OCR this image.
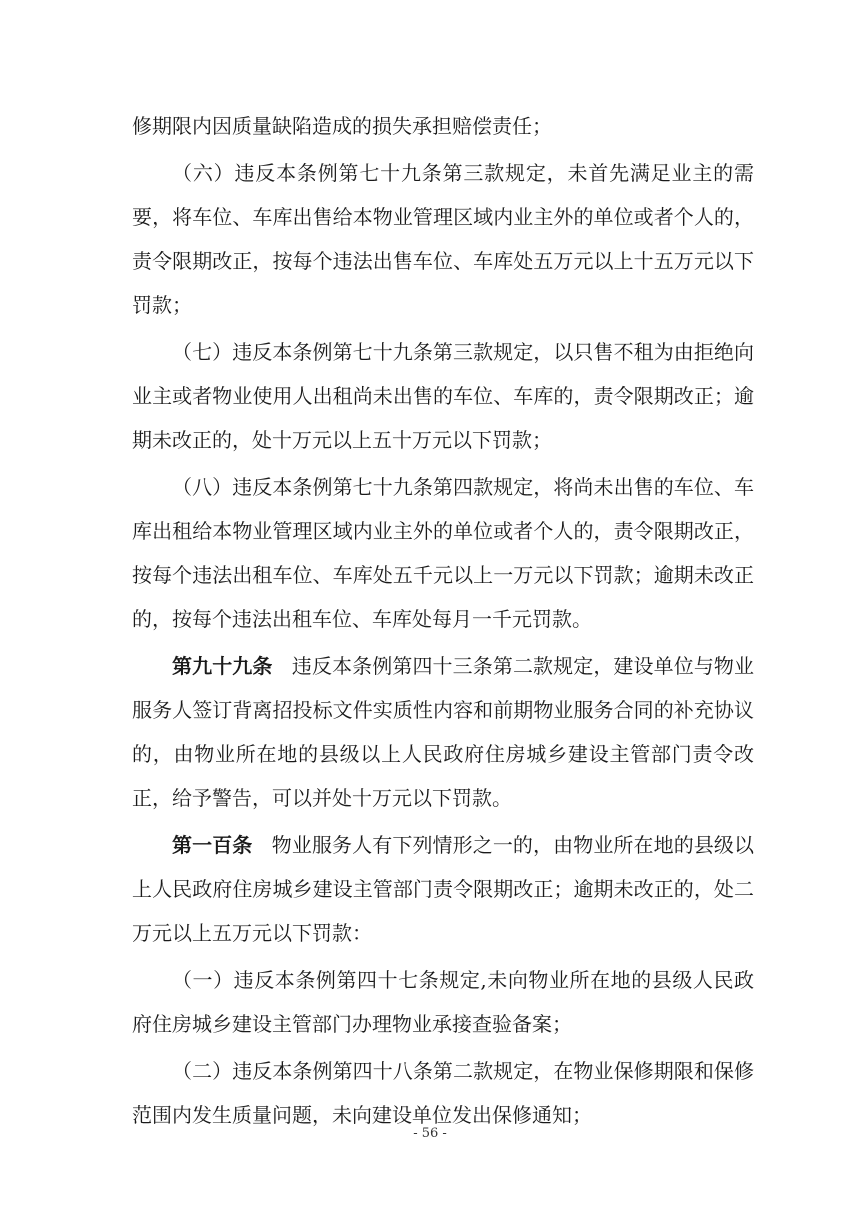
修期限内因质量缺陷造成的损失承担赔偿责任；

（六）违反本条例第七十九条第三款规定，未首先满足业主的需要，将车位、车库出售给本物业管理区域内业主外的单位或者个人的，责令限期改正，按每个违法出售车位、车库处五万元以上十五万元以下罚款；

（七）违反本条例第七十九条第三款规定，以只售不租为由拒绝向业主或者物业使用人出租尚未出售的车位、车库的，责令限期改正；逾期未改正的，处十万元以上五十万元以下罚款；

（八）违反本条例第七十九条第四款规定，将尚未出售的车位、车库出租给本物业管理区域内业主外的单位或者个人的，责令限期改正，按每个违法出租车位、车库处五千元以上一万元以下罚款；逾期未改正的，按每个违法出租车位、车库处每月一千元罚款。

第九十九条 违反本条例第四十三条第二款规定，建设单位与物业服务人签订背离招投标文件实质性内容和前期物业服务合同的补充协议的，由物业所在地的县级以上人民政府住房城乡建设主管部门责令改正，给予警告，可以并处十万元以下罚款。

第一百条 物业服务人有下列情形之一的，由物业所在地的县级以上人民政府住房城乡建设主管部门责令限期改正；逾期未改正的，处二万元以上五万元以下罚款：

（一）违反本条例第四十七条规定,未向物业所在地的县级人民政府住房城乡建设主管部门办理物业承接查验备案；

（二）违反本条例第四十八条第二款规定，在物业保修期限和保修范围内发生质量问题，未向建设单位发出保修通知；

- 56 -
